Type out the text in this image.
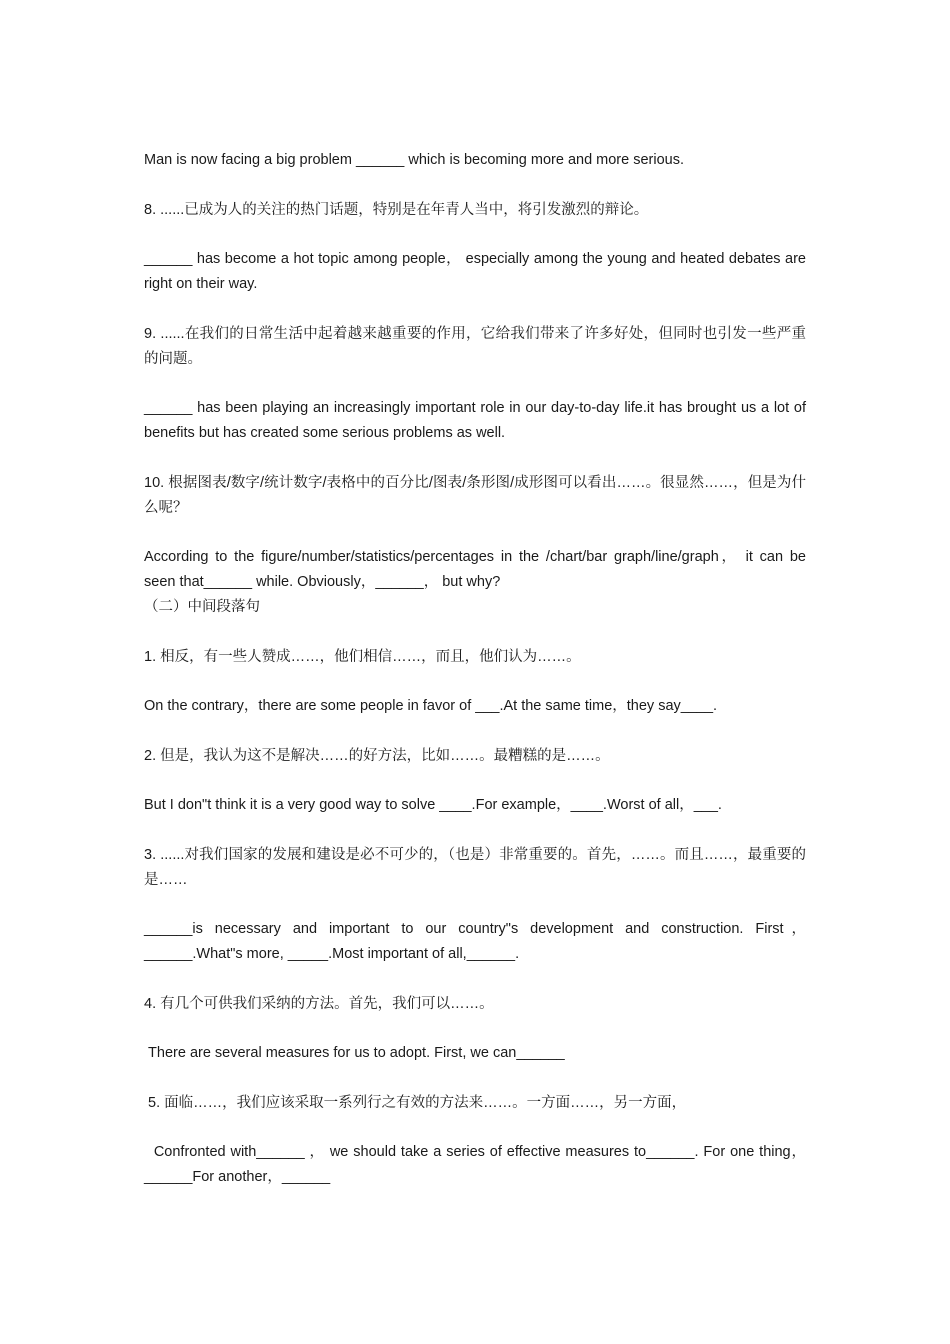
Man is now facing a big problem ______ which is becoming more and more serious.

8. ......已成为人的关注的热门话题，特别是在年青人当中，将引发激烈的辩论。

______ has become a hot topic among people， especially among the young and heated debates are right on their way.

9. ......在我们的日常生活中起着越来越重要的作用，它给我们带来了许多好处，但同时也引发一些严重的问题。

______ has been playing an increasingly important role in our day-to-day life.it has brought us a lot of benefits but has created some serious problems as well.

10. 根据图表/数字/统计数字/表格中的百分比/图表/条形图/成形图可以看出……。很显然……，但是为什么呢？

According to the figure/number/statistics/percentages in the /chart/bar graph/line/graph， it can be seen that______ while. Obviously，______， but why?

（二）中间段落句

1. 相反，有一些人赞成……，他们相信……，而且，他们认为……。

On the contrary，there are some people in favor of ___.At the same time，they say____.

2. 但是，我认为这不是解决……的好方法，比如……。最糟糕的是……。

But I don"t think it is a very good way to solve ____.For example，____.Worst of all，___.

3. ......对我们国家的发展和建设是必不可少的，（也是）非常重要的。首先，……。而且……，最重要的是……

______is necessary and important to our country"s development and construction. First，______.What"s more, _____.Most important of all,______.

4. 有几个可供我们采纳的方法。首先，我们可以……。

There are several measures for us to adopt. First, we can______

5. 面临……，我们应该采取一系列行之有效的方法来……。一方面……，另一方面，

Confronted with______ ， we should take a series of effective measures to______. For one thing，______For another，______
